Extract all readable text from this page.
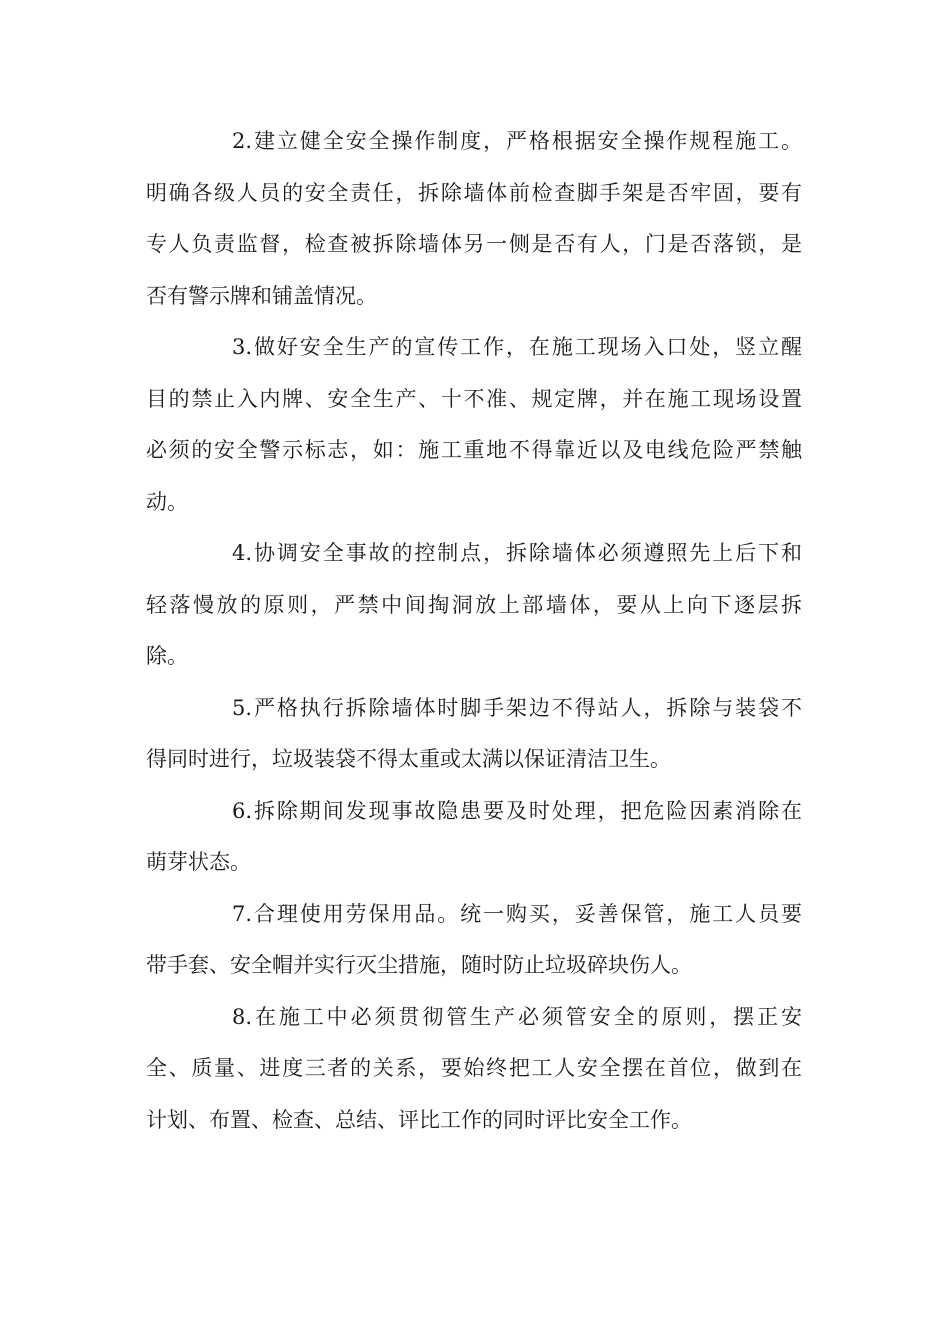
2.建立健全安全操作制度，严格根据安全操作规程施工。
明确各级人员的安全责任，拆除墙体前检查脚手架是否牢固，要有
专人负责监督，检查被拆除墙体另一侧是否有人，门是否落锁，是
否有警示牌和铺盖情况。
3.做好安全生产的宣传工作，在施工现场入口处，竖立醒
目的禁止入内牌、安全生产、十不准、规定牌，并在施工现场设置
必须的安全警示标志，如：施工重地不得靠近以及电线危险严禁触
动。
4.协调安全事故的控制点，拆除墙体必须遵照先上后下和
轻落慢放的原则，严禁中间掏洞放上部墙体，要从上向下逐层拆
除。
5.严格执行拆除墙体时脚手架边不得站人，拆除与装袋不
得同时进行，垃圾装袋不得太重或太满以保证清洁卫生。
6.拆除期间发现事故隐患要及时处理，把危险因素消除在
萌芽状态。
7.合理使用劳保用品。统一购买，妥善保管，施工人员要
带手套、安全帽并实行灭尘措施，随时防止垃圾碎块伤人。
8.在施工中必须贯彻管生产必须管安全的原则，摆正安
全、质量、进度三者的关系，要始终把工人安全摆在首位，做到在
计划、布置、检查、总结、评比工作的同时评比安全工作。
